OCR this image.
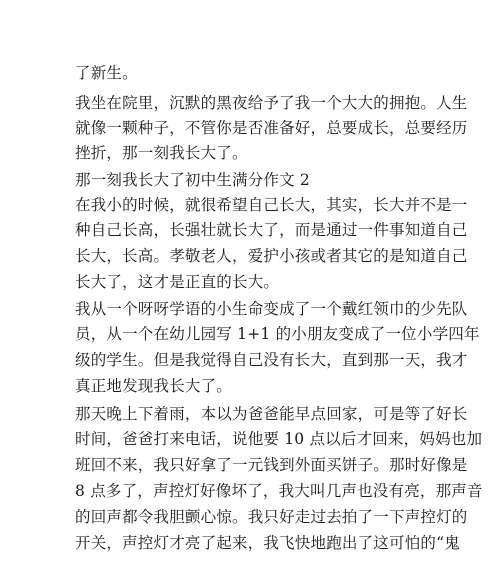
了新生。

我坐在院里，沉默的黑夜给予了我一个大大的拥抱。人生

就像一颗种子，不管你是否准备好，总要成长，总要经历

挫折，那一刻我长大了。

那一刻我长大了初中生满分作文 2

在我小的时候，就很希望自己长大，其实，长大并不是一

种自己长高，长强壮就长大了，而是通过一件事知道自己

长大，长高。孝敬老人，爱护小孩或者其它的是知道自己

长大了，这才是正直的长大。

我从一个呀呀学语的小生命变成了一个戴红领巾的少先队

员，从一个在幼儿园写 1+1 的小朋友变成了一位小学四年

级的学生。但是我觉得自己没有长大，直到那一天，我才

真正地发现我长大了。

那天晚上下着雨，本以为爸爸能早点回家，可是等了好长

时间，爸爸打来电话，说他要 10 点以后才回来，妈妈也加

班回不来，我只好拿了一元钱到外面买饼子。那时好像是

8 点多了，声控灯好像坏了，我大叫几声也没有亮，那声音

的回声都令我胆颤心惊。我只好走过去拍了一下声控灯的

开关，声控灯才亮了起来，我飞快地跑出了这可怕的“鬼
